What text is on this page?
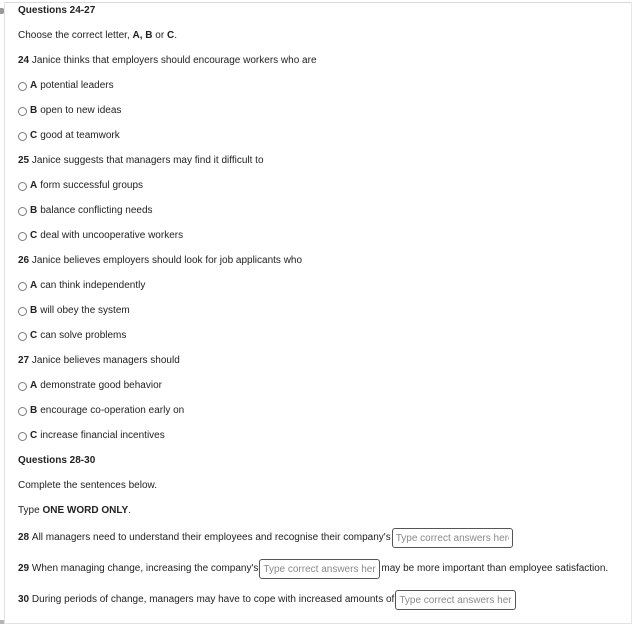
Questions 24-27
Choose the correct letter, A, B or C.
24 Janice thinks that employers should encourage workers who are
A potential leaders
B open to new ideas
C good at teamwork
25 Janice suggests that managers may find it difficult to
A form successful groups
B balance conflicting needs
C deal with uncooperative workers
26 Janice believes employers should look for job applicants who
A can think independently
B will obey the system
C can solve problems
27 Janice believes managers should
A demonstrate good behavior
B encourage co-operation early on
C increase financial incentives
Questions 28-30
Complete the sentences below.
Type ONE WORD ONLY.
28
All managers need to understand their employees and recognise their company's
Type correct answers here
29
When managing change, increasing the company's
Type correct answers here	may be more important than employee satisfaction.
30
During periods of change, managers may have to cope with increased amounts of
Type correct answers here
